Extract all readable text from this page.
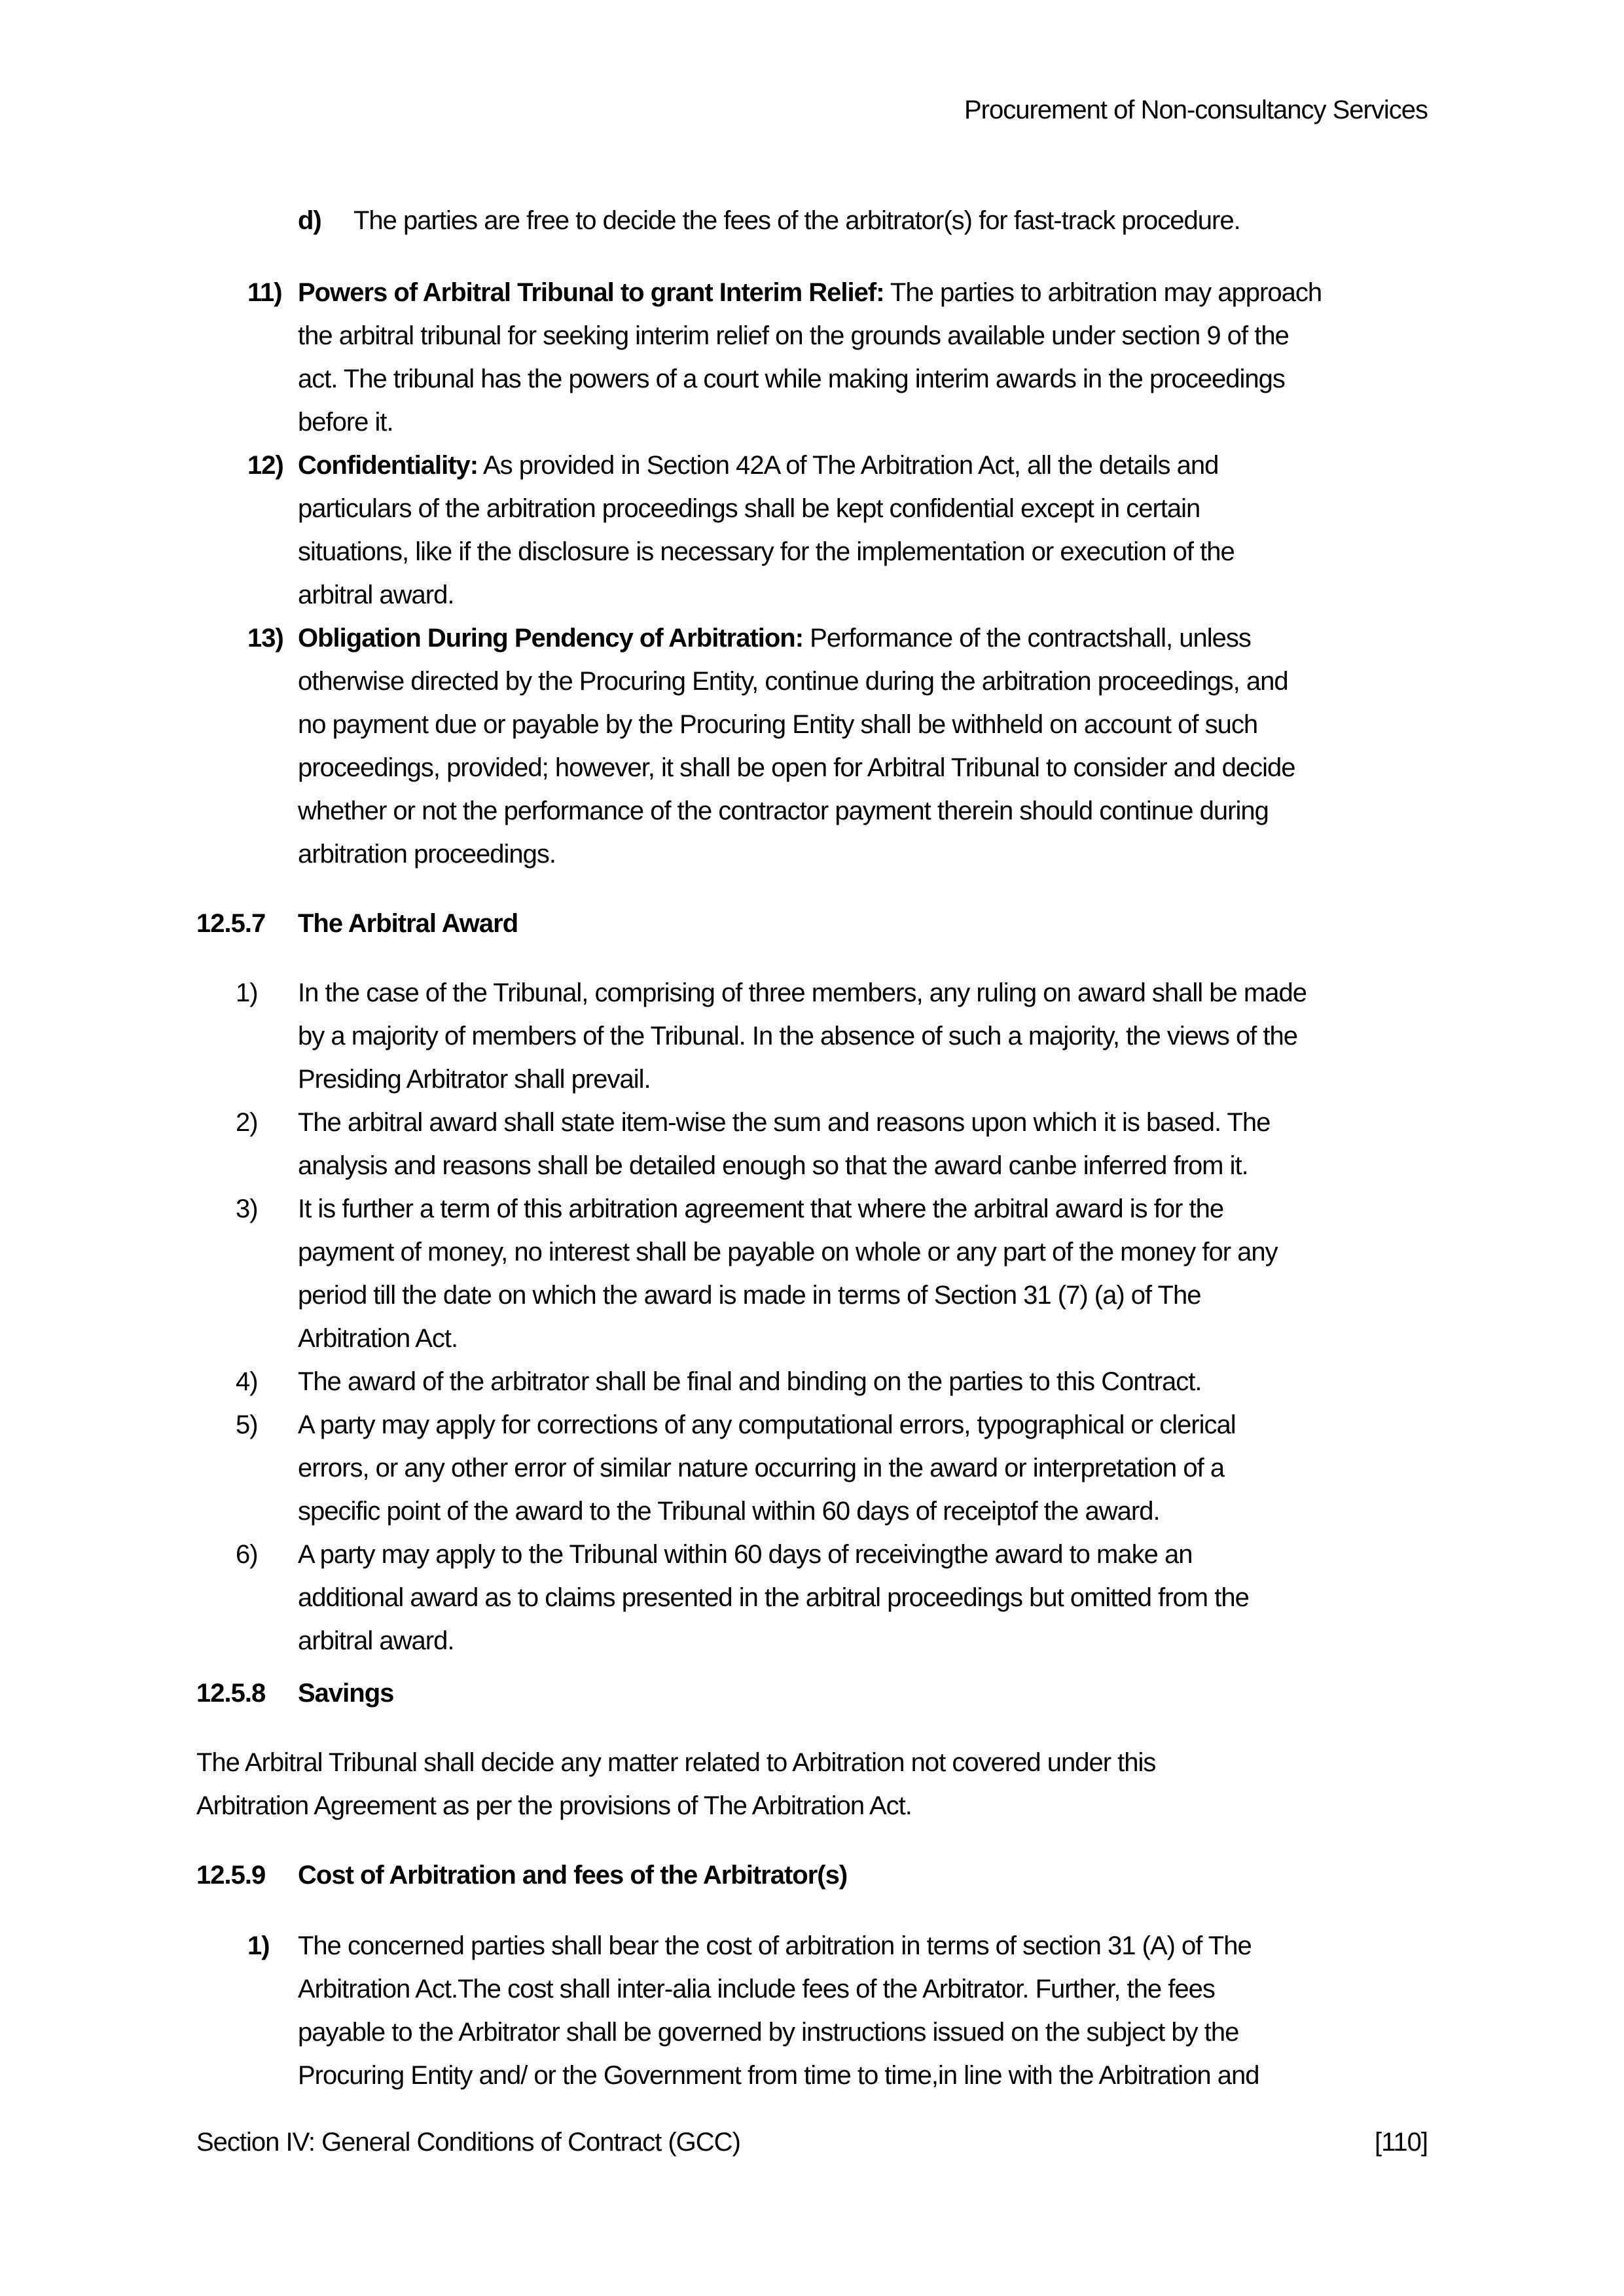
Procurement of Non-consultancy Services
d) The parties are free to decide the fees of the arbitrator(s) for fast-track procedure.
11) Powers of Arbitral Tribunal to grant Interim Relief: The parties to arbitration may approach
the arbitral tribunal for seeking interim relief on the grounds available under section 9 of the
act. The tribunal has the powers of a court while making interim awards in the proceedings
before it.
12) Confidentiality: As provided in Section 42A of The Arbitration Act, all the details and
particulars of the arbitration proceedings shall be kept confidential except in certain
situations, like if the disclosure is necessary for the implementation or execution of the
arbitral award.
13) Obligation During Pendency of Arbitration: Performance of the contractshall, unless
otherwise directed by the Procuring Entity, continue during the arbitration proceedings, and
no payment due or payable by the Procuring Entity shall be withheld on account of such
proceedings, provided; however, it shall be open for Arbitral Tribunal to consider and decide
whether or not the performance of the contractor payment therein should continue during
arbitration proceedings.
12.5.7 The Arbitral Award
1) In the case of the Tribunal, comprising of three members, any ruling on award shall be made
by a majority of members of the Tribunal. In the absence of such a majority, the views of the
Presiding Arbitrator shall prevail.
2) The arbitral award shall state item-wise the sum and reasons upon which it is based. The
analysis and reasons shall be detailed enough so that the award canbe inferred from it.
3) It is further a term of this arbitration agreement that where the arbitral award is for the
payment of money, no interest shall be payable on whole or any part of the money for any
period till the date on which the award is made in terms of Section 31 (7) (a) of The
Arbitration Act.
4) The award of the arbitrator shall be final and binding on the parties to this Contract.
5) A party may apply for corrections of any computational errors, typographical or clerical
errors, or any other error of similar nature occurring in the award or interpretation of a
specific point of the award to the Tribunal within 60 days of receiptof the award.
6) A party may apply to the Tribunal within 60 days of receivingthe award to make an
additional award as to claims presented in the arbitral proceedings but omitted from the
arbitral award.
12.5.8 Savings
The Arbitral Tribunal shall decide any matter related to Arbitration not covered under this
Arbitration Agreement as per the provisions of The Arbitration Act.
12.5.9 Cost of Arbitration and fees of the Arbitrator(s)
1) The concerned parties shall bear the cost of arbitration in terms of section 31 (A) of The
Arbitration Act.The cost shall inter-alia include fees of the Arbitrator. Further, the fees
payable to the Arbitrator shall be governed by instructions issued on the subject by the
Procuring Entity and/ or the Government from time to time,in line with the Arbitration and
Section IV: General Conditions of Contract (GCC)	[110]
